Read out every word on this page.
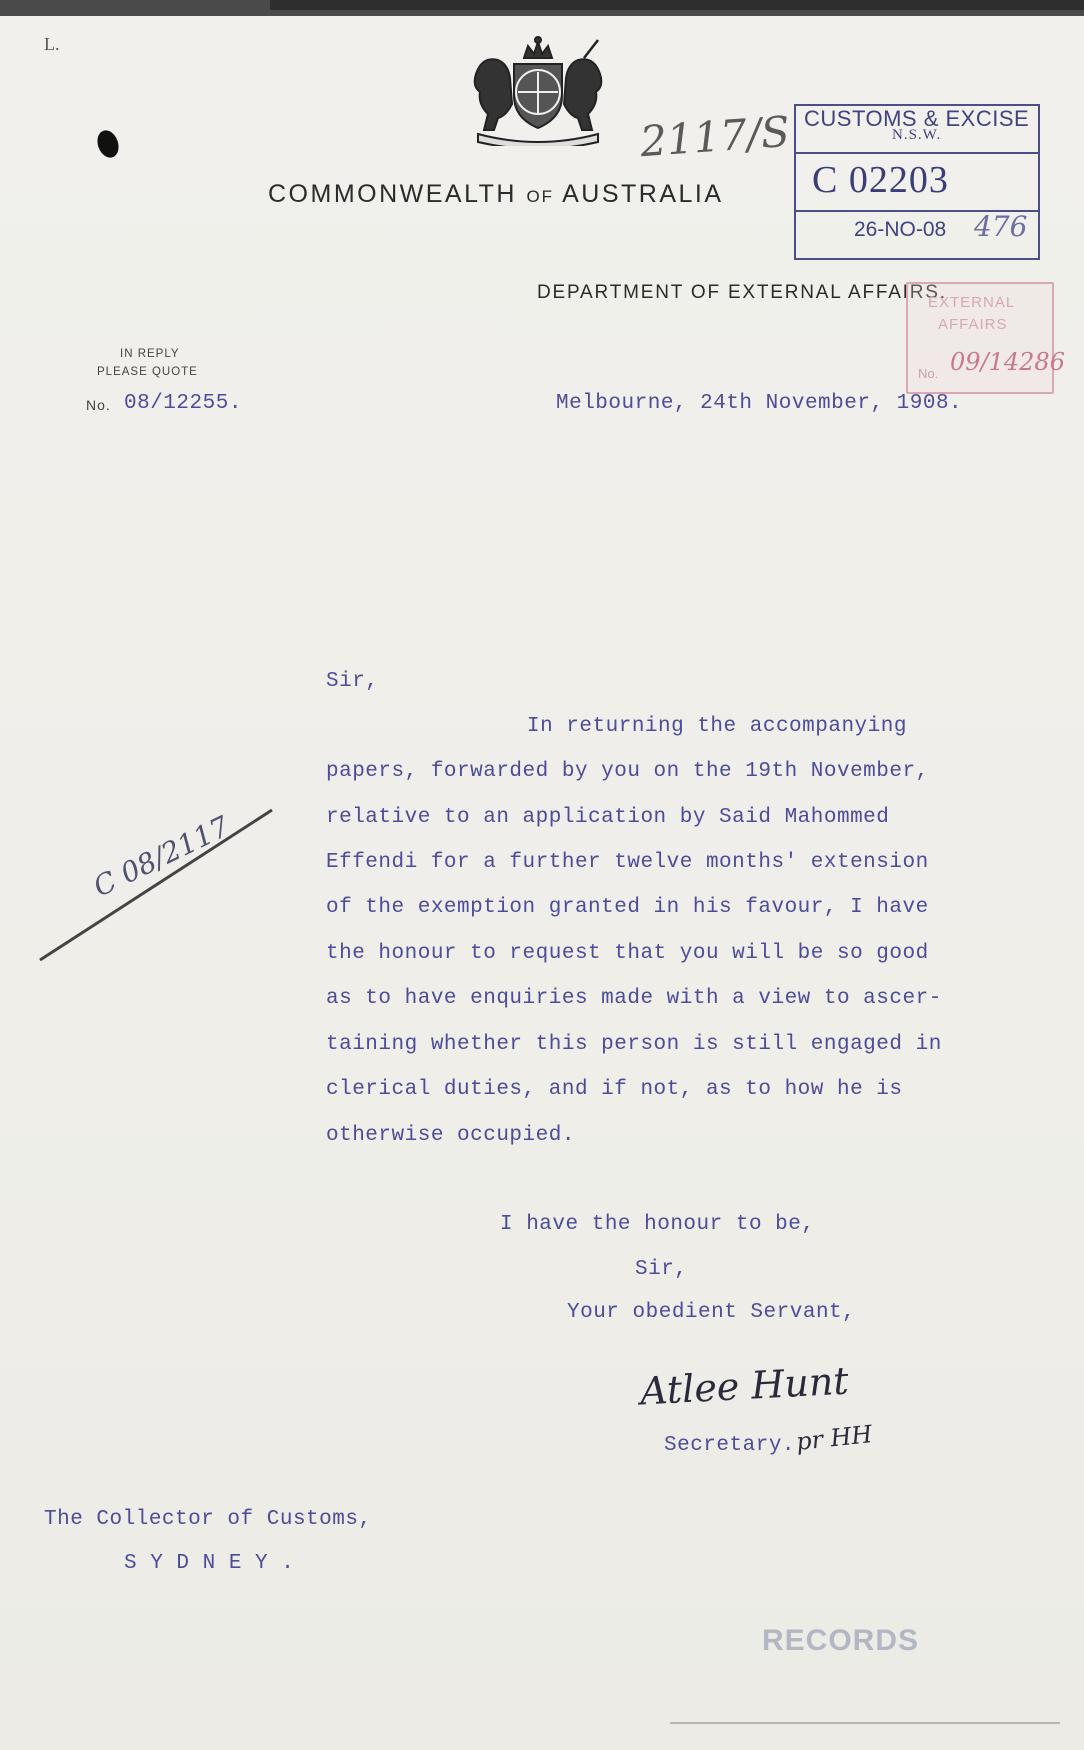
L.
COMMONWEALTH OF AUSTRALIA
2117/S CUSTOMS & EXCISE
N.S.W.
C 02203
26-NO-08 476
DEPARTMENT OF EXTERNAL AFFAIRS.
EXTERNAL
AFFAIRS
No. 09/14286
IN REPLY
PLEASE QUOTE
No. 08/12255.	Melbourne, 24th November, 1908.
Sir,
In returning the accompanying
papers, forwarded by you on the 19th November,
relative to an application by Said Mahommed
Effendi for a further twelve months' extension
of the exemption granted in his favour, I have
the honour to request that you will be so good
as to have enquiries made with a view to ascer-
taining whether this person is still engaged in
clerical duties, and if not, as to how he is
otherwise occupied.
C 08/2117
I have the honour to be,
Sir,
Your obedient Servant,
Atlee Hunt
Secretary. pr HH
The Collector of Customs,
S Y D N E Y .
RECORDS
